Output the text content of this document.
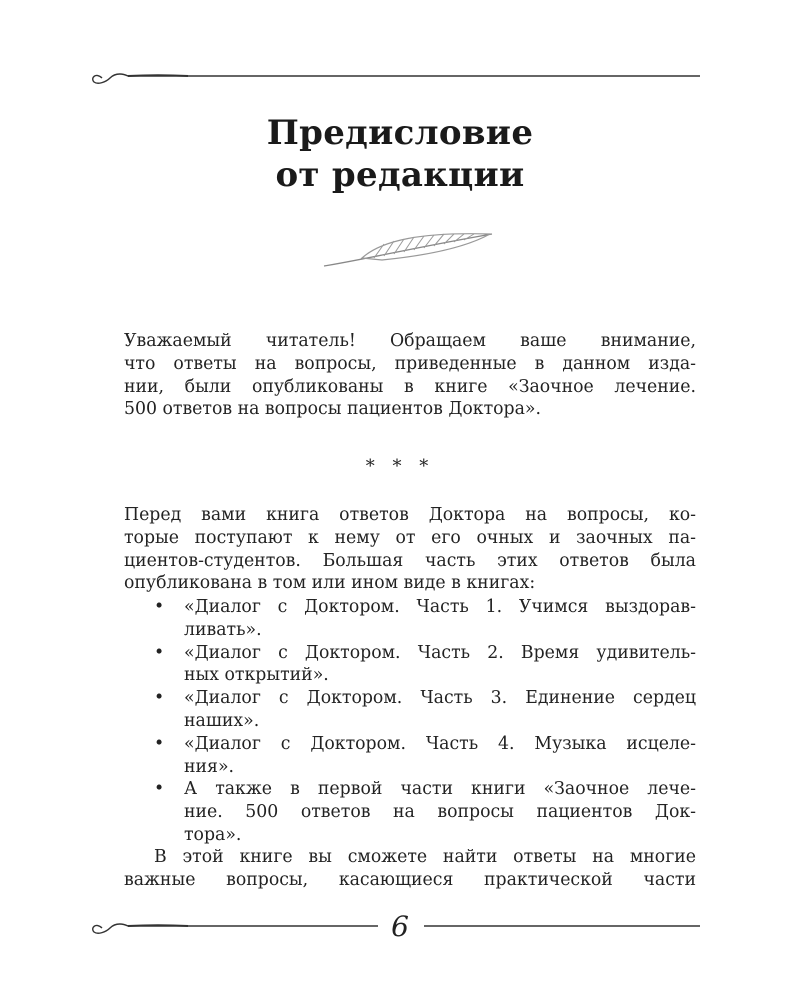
Предисловие
от редакции

Уважаемый читатель! Обращаем ваше внимание,

что ответы на вопросы, приведенные в данном изда-

нии, были опубликованы в книге «Заочное лечение.

500 ответов на вопросы пациентов Доктора».

* * *

Перед вами книга ответов Доктора на вопросы, ко-

торые поступают к нему от его очных и заочных па-

циентов-студентов. Большая часть этих ответов была

опубликована в том или ином виде в книгах:

• «Диалог с Доктором. Часть 1. Учимся выздорав-

ливать».

• «Диалог с Доктором. Часть 2. Время удивитель-

ных открытий».

• «Диалог с Доктором. Часть 3. Единение сердец

наших».

• «Диалог с Доктором. Часть 4. Музыка исцеле-

ния».

• А также в первой части книги «Заочное лече-

ние. 500 ответов на вопросы пациентов Док-

тора».

В этой книге вы сможете найти ответы на многие

важные вопросы, касающиеся практической части

6
